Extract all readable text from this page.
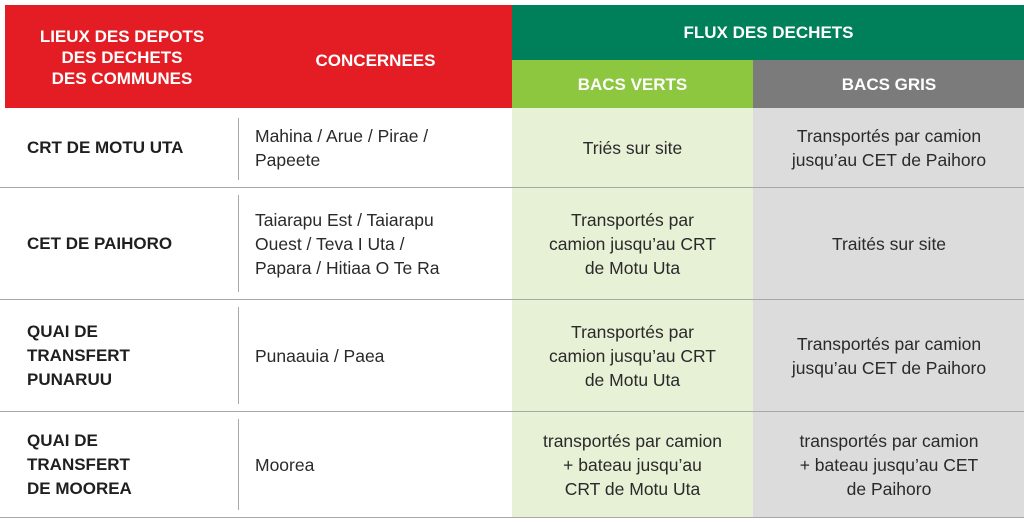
LIEUX DES DEPOTS
DES DECHETS
DES COMMUNES
CONCERNEES
FLUX DES DECHETS
BACS VERTS	BACS GRIS
CRT DE MOTU UTA
Mahina / Arue / Pirae /
Papeete
Triés sur site
Transportés par camion
jusqu’au CET de Paihoro
CET DE PAIHORO
Taiarapu Est / Taiarapu
Ouest / Teva I Uta /
Papara / Hitiaa O Te Ra
Transportés par
camion jusqu’au CRT
de Motu Uta
Traités sur site
QUAI DE
TRANSFERT
PUNARUU
Punaauia / Paea
Transportés par
camion jusqu’au CRT
de Motu Uta
Transportés par camion
jusqu’au CET de Paihoro
QUAI DE
TRANSFERT
DE MOOREA
Moorea
transportés par camion
+ bateau jusqu’au
CRT de Motu Uta
transportés par camion
+ bateau jusqu’au CET
de Paihoro
